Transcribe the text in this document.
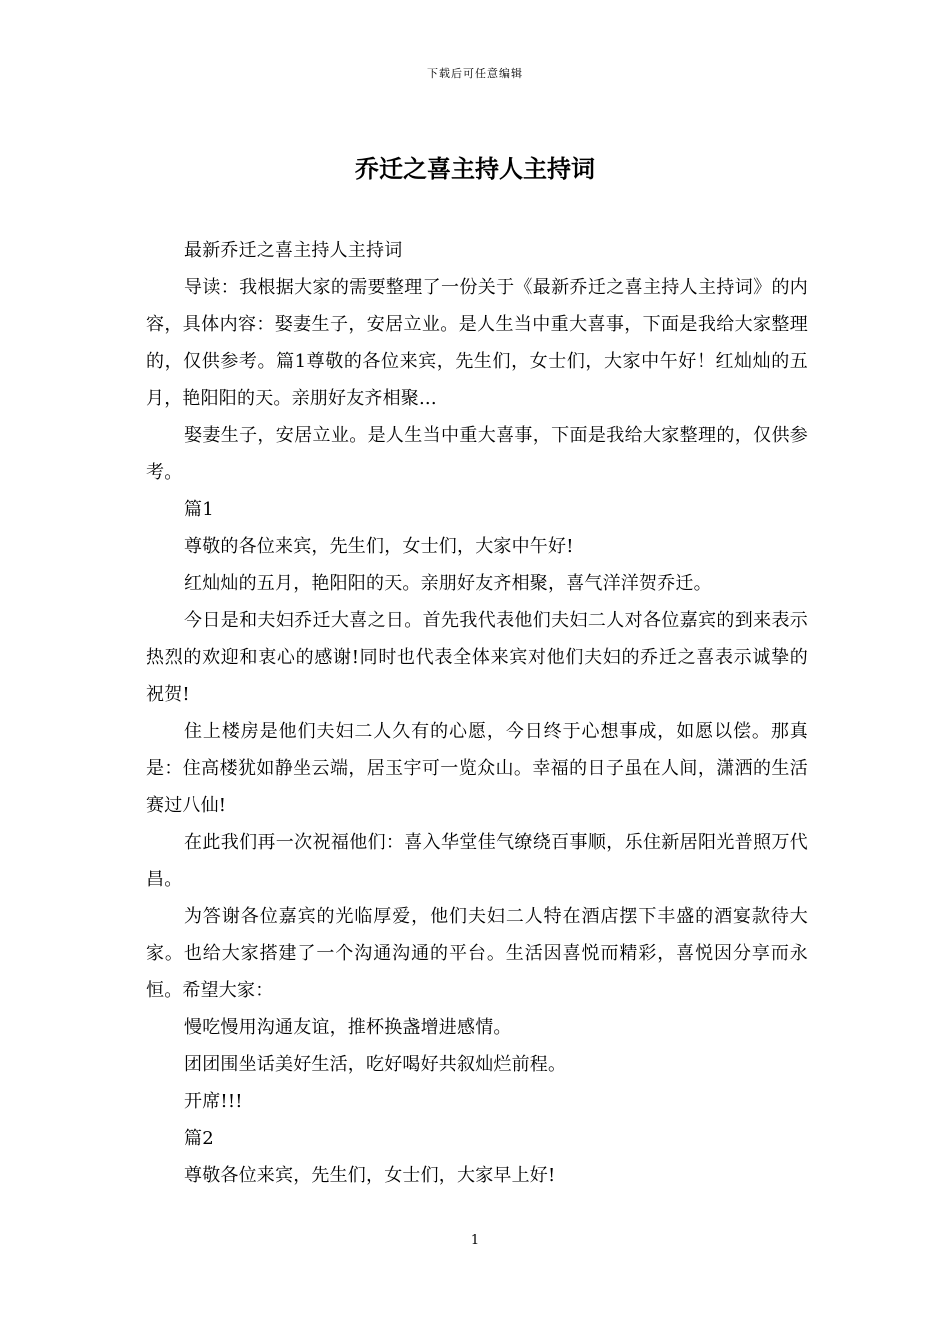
下载后可任意编辑
乔迁之喜主持人主持词

最新乔迁之喜主持人主持词

导读：我根据大家的需要整理了一份关于《最新乔迁之喜主持人主持词》的内容，具体内容：娶妻生子，安居立业。是人生当中重大喜事，下面是我给大家整理的，仅供参考。篇1尊敬的各位来宾，先生们，女士们，大家中午好！红灿灿的五月，艳阳阳的天。亲朋好友齐相聚...

娶妻生子，安居立业。是人生当中重大喜事，下面是我给大家整理的，仅供参考。

篇1

尊敬的各位来宾，先生们，女士们，大家中午好!

红灿灿的五月，艳阳阳的天。亲朋好友齐相聚，喜气洋洋贺乔迁。

今日是和夫妇乔迁大喜之日。首先我代表他们夫妇二人对各位嘉宾的到来表示热烈的欢迎和衷心的感谢!同时也代表全体来宾对他们夫妇的乔迁之喜表示诚挚的祝贺!

住上楼房是他们夫妇二人久有的心愿，今日终于心想事成，如愿以偿。那真是：住高楼犹如静坐云端，居玉宇可一览众山。幸福的日子虽在人间，潇洒的生活赛过八仙!

在此我们再一次祝福他们：喜入华堂佳气缭绕百事顺，乐住新居阳光普照万代昌。

为答谢各位嘉宾的光临厚爱，他们夫妇二人特在酒店摆下丰盛的酒宴款待大家。也给大家搭建了一个沟通沟通的平台。生活因喜悦而精彩，喜悦因分享而永恒。希望大家：

慢吃慢用沟通友谊，推杯换盏增进感情。

团团围坐话美好生活，吃好喝好共叙灿烂前程。

开席!!!

篇2

尊敬各位来宾，先生们，女士们，大家早上好!

1
